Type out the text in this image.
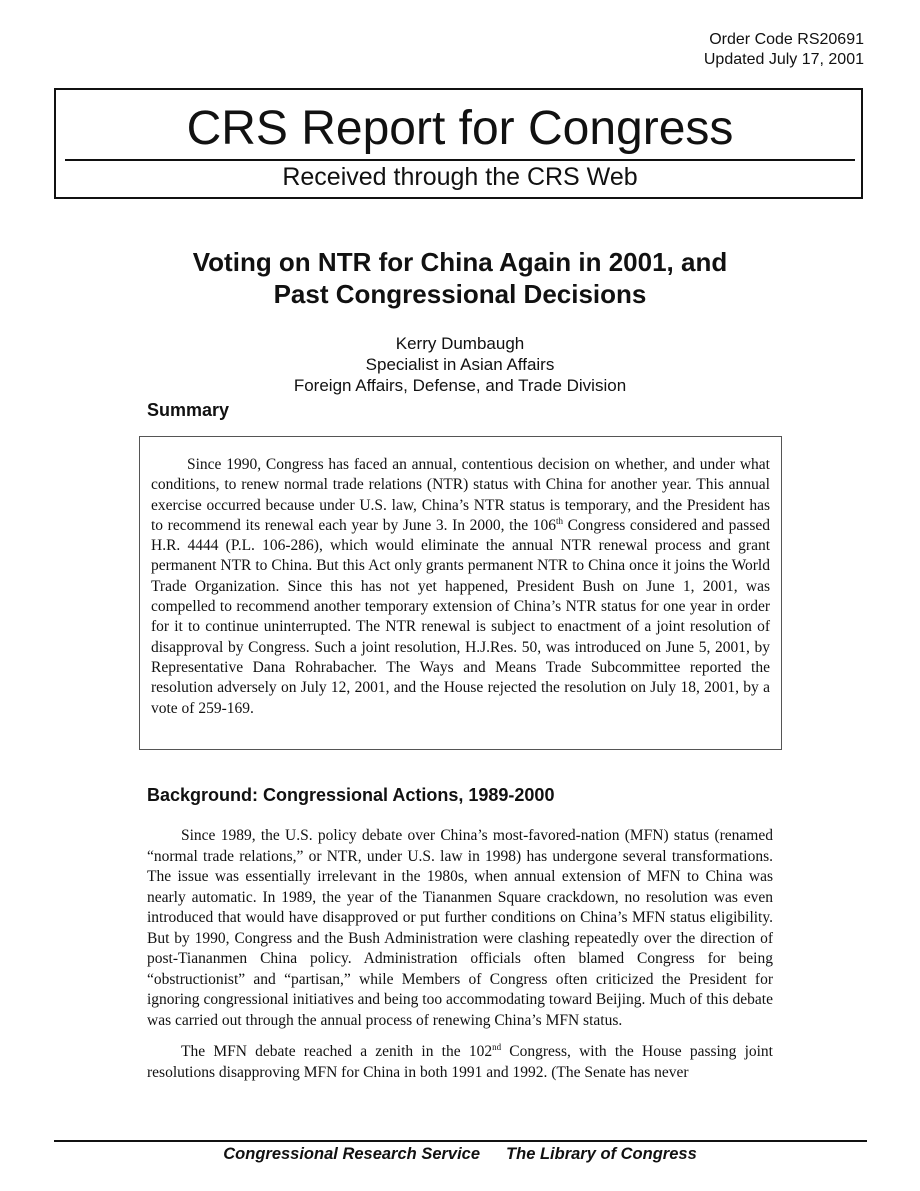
Order Code RS20691
Updated July 17, 2001
CRS Report for Congress
Received through the CRS Web
Voting on NTR for China Again in 2001, and
Past Congressional Decisions
Kerry Dumbaugh
Specialist in Asian Affairs
Foreign Affairs, Defense, and Trade Division
Summary

Since 1990, Congress has faced an annual, contentious decision on whether, and under what conditions, to renew normal trade relations (NTR) status with China for another year. This annual exercise occurred because under U.S. law, China’s NTR status is temporary, and the President has to recommend its renewal each year by June 3. In 2000, the 106th Congress considered and passed H.R. 4444 (P.L. 106-286), which would eliminate the annual NTR renewal process and grant permanent NTR to China. But this Act only grants permanent NTR to China once it joins the World Trade Organization. Since this has not yet happened, President Bush on June 1, 2001, was compelled to recommend another temporary extension of China’s NTR status for one year in order for it to continue uninterrupted. The NTR renewal is subject to enactment of a joint resolution of disapproval by Congress. Such a joint resolution, H.J.Res. 50, was introduced on June 5, 2001, by Representative Dana Rohrabacher. The Ways and Means Trade Subcommittee reported the resolution adversely on July 12, 2001, and the House rejected the resolution on July 18, 2001, by a vote of 259-169.

Background: Congressional Actions, 1989-2000

Since 1989, the U.S. policy debate over China’s most-favored-nation (MFN) status (renamed “normal trade relations,” or NTR, under U.S. law in 1998) has undergone several transformations. The issue was essentially irrelevant in the 1980s, when annual extension of MFN to China was nearly automatic. In 1989, the year of the Tiananmen Square crackdown, no resolution was even introduced that would have disapproved or put further conditions on China’s MFN status eligibility. But by 1990, Congress and the Bush Administration were clashing repeatedly over the direction of post-Tiananmen China policy. Administration officials often blamed Congress for being “obstructionist” and “partisan,” while Members of Congress often criticized the President for ignoring congressional initiatives and being too accommodating toward Beijing. Much of this debate was carried out through the annual process of renewing China’s MFN status.

The MFN debate reached a zenith in the 102nd Congress, with the House passing joint resolutions disapproving MFN for China in both 1991 and 1992. (The Senate has never

Congressional Research Service The Library of Congress
